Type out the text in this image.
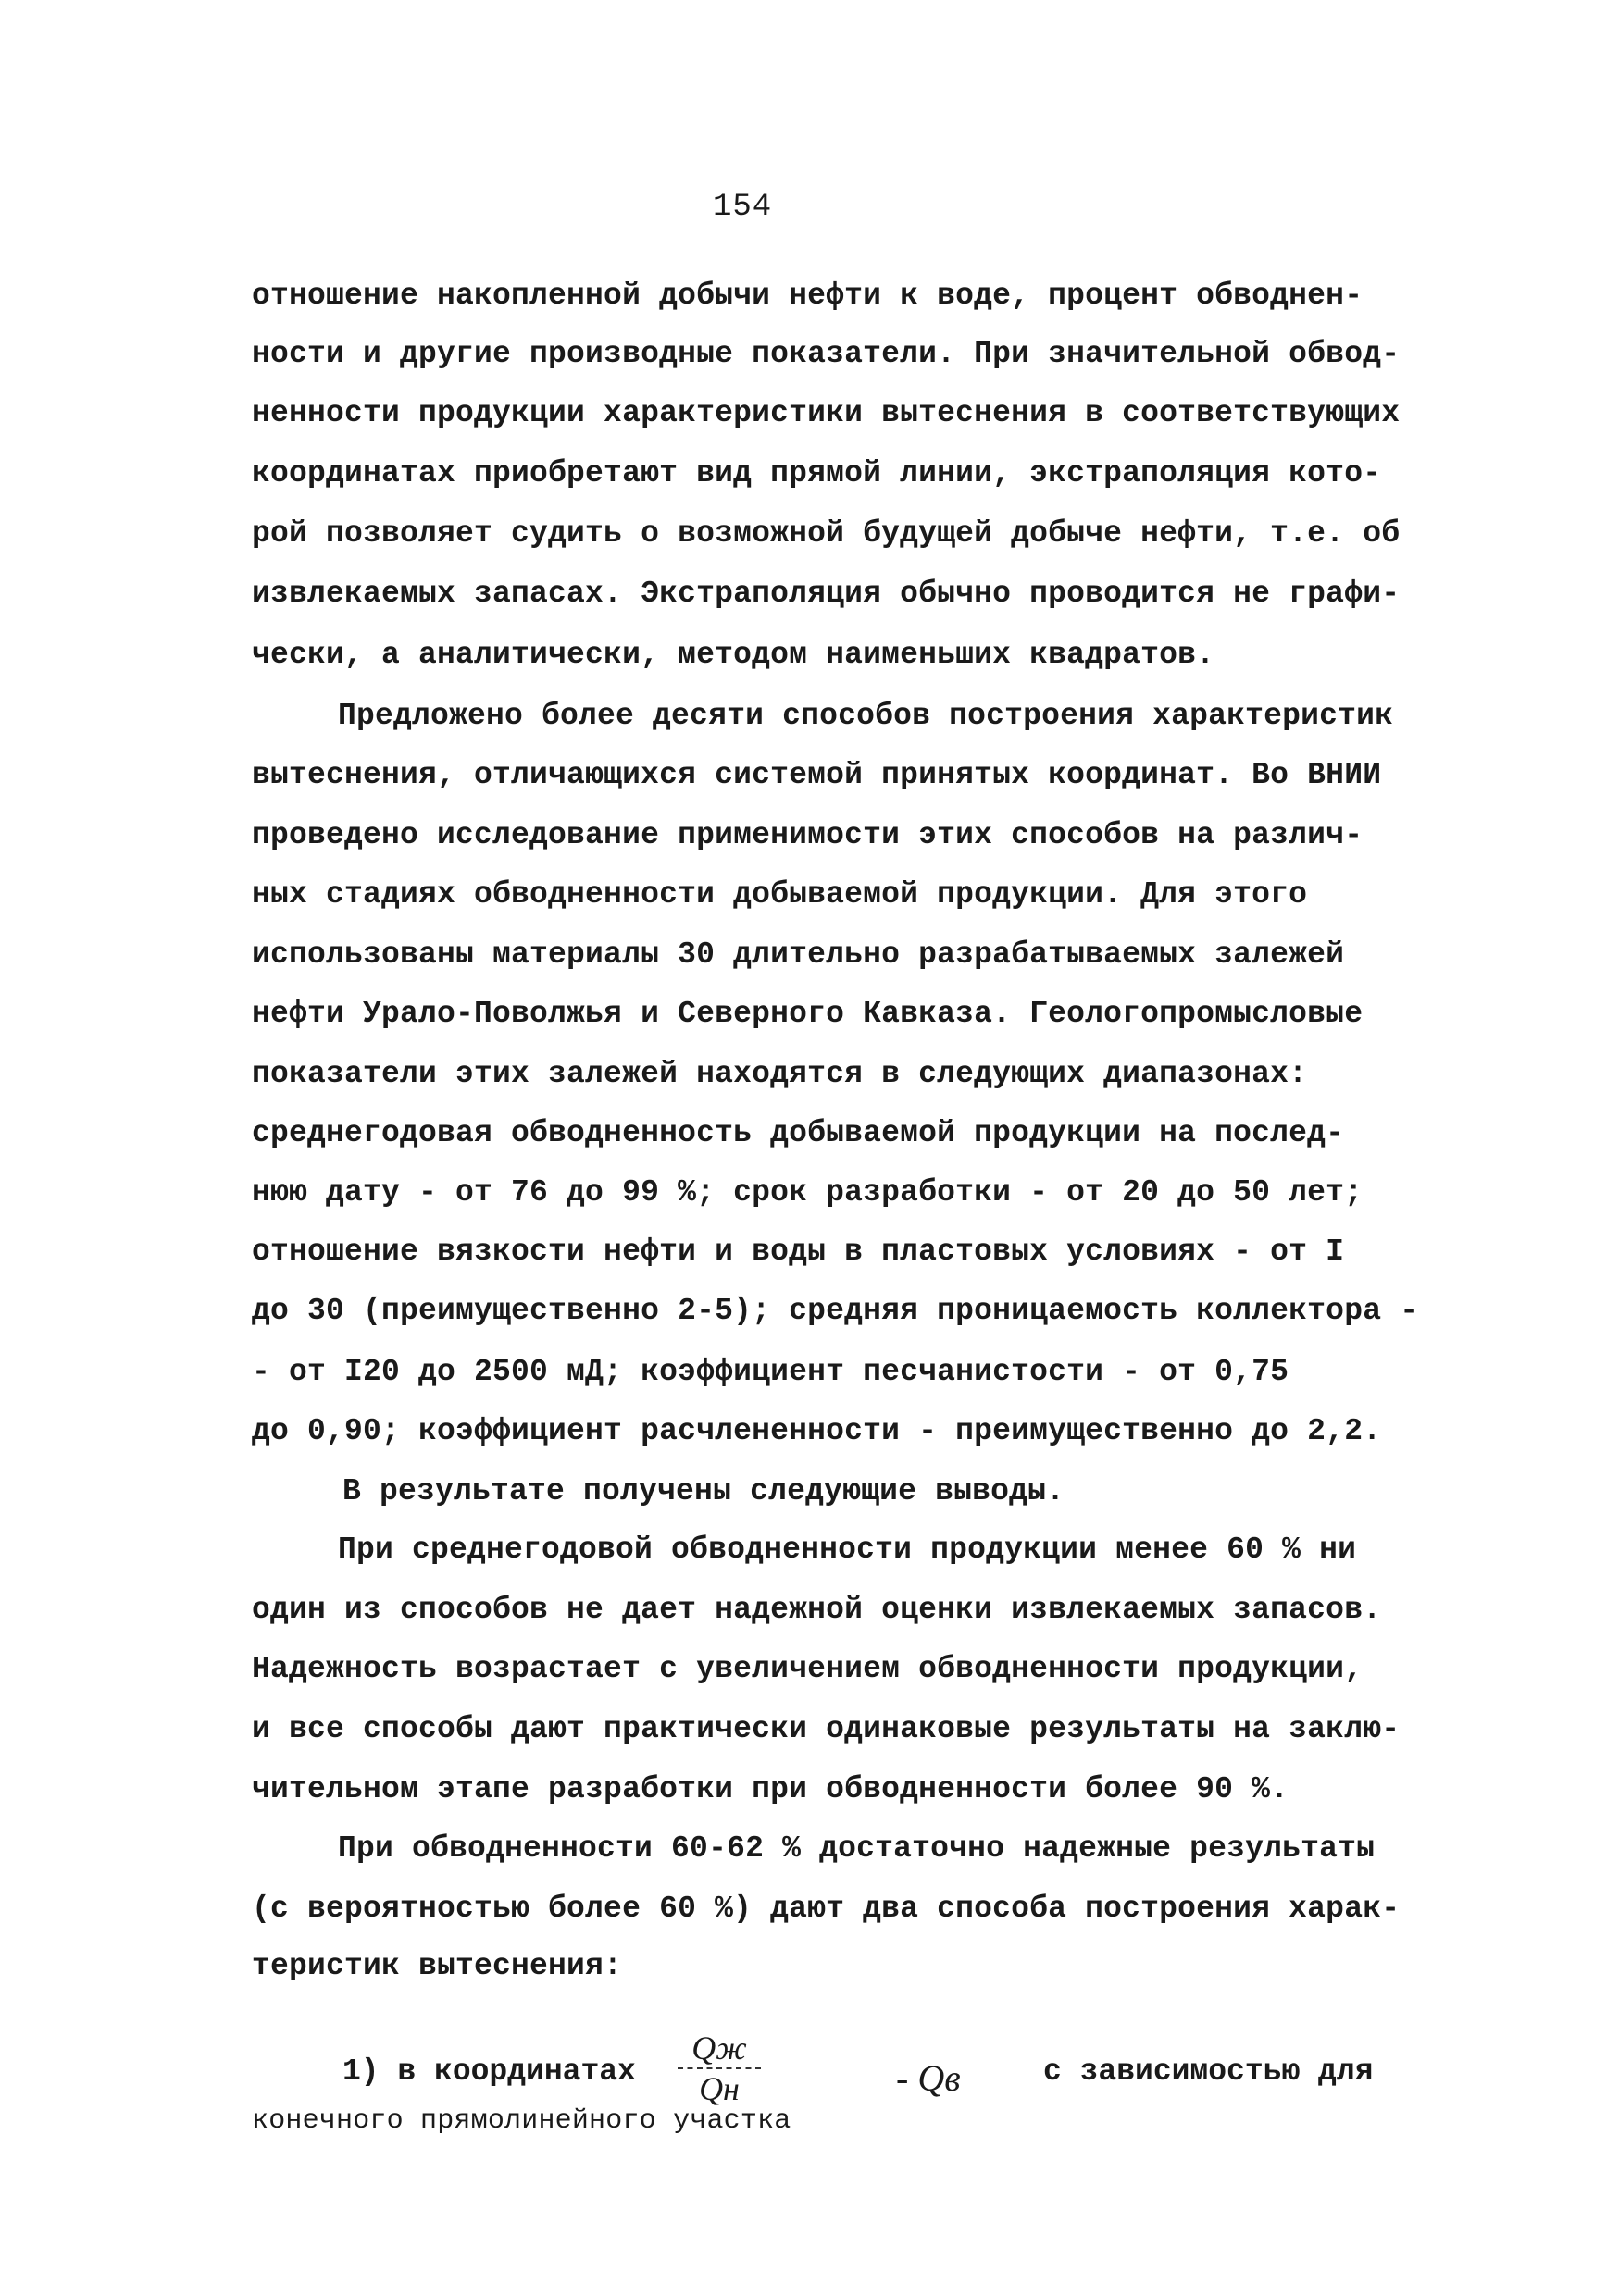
154
отношение накопленной добычи нефти к воде, процент обводнен-
ности и другие производные показатели. При значительной обвод-
ненности продукции характеристики вытеснения в соответствующих
координатах приобретают вид прямой линии, экстраполяция кото-
рой позволяет судить о возможной будущей добыче нефти, т.е. об
извлекаемых запасах. Экстраполяция обычно проводится не графи-
чески, а аналитически, методом наименьших квадратов.
Предложено более десяти способов построения характеристик
вытеснения, отличающихся системой принятых координат. Во ВНИИ
проведено исследование применимости этих способов на различ-
ных стадиях обводненности добываемой продукции. Для этого
использованы материалы 30 длительно разрабатываемых залежей
нефти Урало-Поволжья и Северного Кавказа. Геологопромысловые
показатели этих залежей находятся в следующих диапазонах:
среднегодовая обводненность добываемой продукции на послед-
нюю дату - от 76 до 99 %; срок разработки - от 20 до 50 лет;
отношение вязкости нефти и воды в пластовых условиях - от I
до 30 (преимущественно 2-5); средняя проницаемость коллектора -
- от I20 до 2500 мД; коэффициент песчанистости - от 0,75
до 0,90; коэффициент расчлененности - преимущественно до 2,2.
В результате получены следующие выводы.
При среднегодовой обводненности продукции менее 60 % ни
один из способов не дает надежной оценки извлекаемых запасов.
Надежность возрастает с увеличением обводненности продукции,
и все способы дают практически одинаковые результаты на заклю-
чительном этапе разработки при обводненности более 90 %.
При обводненности 60-62 % достаточно надежные результаты
(с вероятностью более 60 %) дают два способа построения харак-
теристик вытеснения:
1) в координатах
Qж
Qн	- Qв	с зависимостью для
конечного прямолинейного участка
